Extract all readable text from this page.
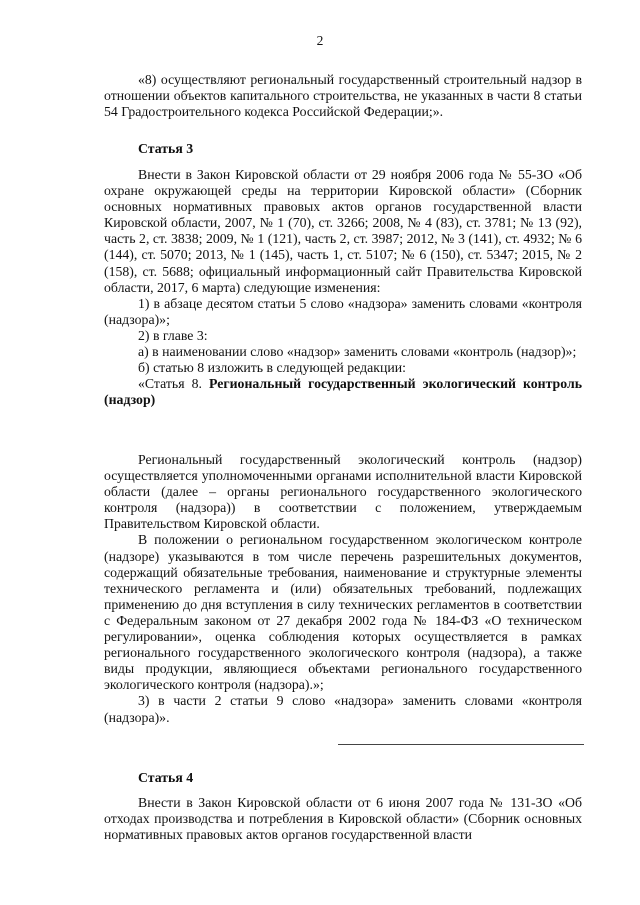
2

«8) осуществляют региональный государственный строительный надзор в отношении объектов капитального строительства, не указанных в части 8 статьи 54 Градостроительного кодекса Российской Федерации;».

Статья 3

Внести в Закон Кировской области от 29 ноября 2006 года № 55-ЗО «Об охране окружающей среды на территории Кировской области» (Сборник основных нормативных правовых актов органов государственной власти Кировской области, 2007, № 1 (70), ст. 3266; 2008, № 4 (83), ст. 3781; № 13 (92), часть 2, ст. 3838; 2009, № 1 (121), часть 2, ст. 3987; 2012, № 3 (141), ст. 4932; № 6 (144), ст. 5070; 2013, № 1 (145), часть 1, ст. 5107; № 6 (150), ст. 5347; 2015, № 2 (158), ст. 5688; официальный информационный сайт Правительства Кировской области, 2017, 6 марта) следующие изменения:

1) в абзаце десятом статьи 5 слово «надзора» заменить словами «контроля (надзора)»;

2) в главе 3:

а) в наименовании слово «надзор» заменить словами «контроль (надзор)»;

б) статью 8 изложить в следующей редакции:

«Статья 8. Региональный государственный экологический контроль (надзор)

Региональный государственный экологический контроль (надзор) осуществляется уполномоченными органами исполнительной власти Кировской области (далее – органы регионального государственного экологического контроля (надзора)) в соответствии с положением, утверждаемым Правительством Кировской области.

В положении о региональном государственном экологическом контроле (надзоре) указываются в том числе перечень разрешительных документов, содержащий обязательные требования, наименование и структурные элементы технического регламента и (или) обязательных требований, подлежащих применению до дня вступления в силу технических регламентов в соответствии с Федеральным законом от 27 декабря 2002 года № 184-ФЗ «О техническом регулировании», оценка соблюдения которых осуществляется в рамках регионального государственного экологического контроля (надзора), а также виды продукции, являющиеся объектами регионального государственного экологического контроля (надзора).»;

3) в части 2 статьи 9 слово «надзора» заменить словами «контроля (надзора)».

Статья 4

Внести в Закон Кировской области от 6 июня 2007 года № 131-ЗО «Об отходах производства и потребления в Кировской области» (Сборник основных нормативных правовых актов органов государственной власти
